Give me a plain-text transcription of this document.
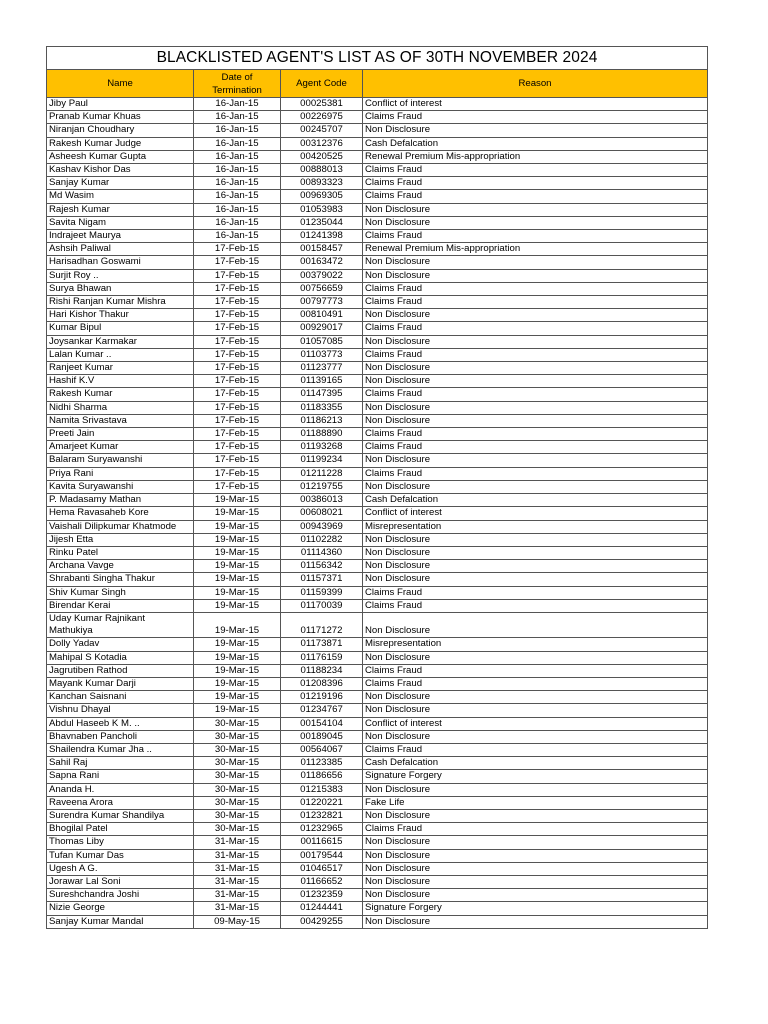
BLACKLISTED AGENT'S LIST AS OF 30TH NOVEMBER 2024			
Name	Date of Termination	Agent Code	Reason
Jiby Paul	16-Jan-15	00025381	Conflict of interest
Pranab Kumar Khuas	16-Jan-15	00226975	Claims Fraud
Niranjan Choudhary	16-Jan-15	00245707	Non Disclosure
Rakesh Kumar Judge	16-Jan-15	00312376	Cash Defalcation
Asheesh Kumar Gupta	16-Jan-15	00420525	Renewal Premium Mis-appropriation
Kashav Kishor Das	16-Jan-15	00888013	Claims Fraud
Sanjay Kumar	16-Jan-15	00893323	Claims Fraud
Md Wasim	16-Jan-15	00969305	Claims Fraud
Rajesh Kumar	16-Jan-15	01053983	Non Disclosure
Savita Nigam	16-Jan-15	01235044	Non Disclosure
Indrajeet Maurya	16-Jan-15	01241398	Claims Fraud
Ashsih Paliwal	17-Feb-15	00158457	Renewal Premium Mis-appropriation
Harisadhan Goswami	17-Feb-15	00163472	Non Disclosure
Surjit Roy ..	17-Feb-15	00379022	Non Disclosure
Surya Bhawan	17-Feb-15	00756659	Claims Fraud
Rishi Ranjan Kumar Mishra	17-Feb-15	00797773	Claims Fraud
Hari Kishor Thakur	17-Feb-15	00810491	Non Disclosure
Kumar Bipul	17-Feb-15	00929017	Claims Fraud
Joysankar Karmakar	17-Feb-15	01057085	Non Disclosure
Lalan Kumar ..	17-Feb-15	01103773	Claims Fraud
Ranjeet Kumar	17-Feb-15	01123777	Non Disclosure
Hashif K.V	17-Feb-15	01139165	Non Disclosure
Rakesh Kumar	17-Feb-15	01147395	Claims Fraud
Nidhi Sharma	17-Feb-15	01183355	Non Disclosure
Namita Srivastava	17-Feb-15	01186213	Non Disclosure
Preeti Jain	17-Feb-15	01188890	Claims Fraud
Amarjeet Kumar	17-Feb-15	01193268	Claims Fraud
Balaram Suryawanshi	17-Feb-15	01199234	Non Disclosure
Priya Rani	17-Feb-15	01211228	Claims Fraud
Kavita Suryawanshi	17-Feb-15	01219755	Non Disclosure
P. Madasamy Mathan	19-Mar-15	00386013	Cash Defalcation
Hema Ravasaheb Kore	19-Mar-15	00608021	Conflict of interest
Vaishali Dilipkumar Khatmode	19-Mar-15	00943969	Misrepresentation
Jijesh Etta	19-Mar-15	01102282	Non Disclosure
Rinku Patel	19-Mar-15	01114360	Non Disclosure
Archana Vavge	19-Mar-15	01156342	Non Disclosure
Shrabanti Singha Thakur	19-Mar-15	01157371	Non Disclosure
Shiv Kumar Singh	19-Mar-15	01159399	Claims Fraud
Birendar Kerai	19-Mar-15	01170039	Claims Fraud
Uday Kumar Rajnikant Mathukiya	19-Mar-15	01171272	Non Disclosure
Dolly Yadav	19-Mar-15	01173871	Misrepresentation
Mahipal S Kotadia	19-Mar-15	01176159	Non Disclosure
Jagrutiben Rathod	19-Mar-15	01188234	Claims Fraud
Mayank Kumar Darji	19-Mar-15	01208396	Claims Fraud
Kanchan Saisnani	19-Mar-15	01219196	Non Disclosure
Vishnu Dhayal	19-Mar-15	01234767	Non Disclosure
Abdul Haseeb K M. ..	30-Mar-15	00154104	Conflict of interest
Bhavnaben Pancholi	30-Mar-15	00189045	Non Disclosure
Shailendra Kumar Jha ..	30-Mar-15	00564067	Claims Fraud
Sahil Raj	30-Mar-15	01123385	Cash Defalcation
Sapna Rani	30-Mar-15	01186656	Signature Forgery
Ananda H.	30-Mar-15	01215383	Non Disclosure
Raveena Arora	30-Mar-15	01220221	Fake Life
Surendra Kumar Shandilya	30-Mar-15	01232821	Non Disclosure
Bhogilal Patel	30-Mar-15	01232965	Claims Fraud
Thomas Liby	31-Mar-15	00116615	Non Disclosure
Tufan Kumar Das	31-Mar-15	00179544	Non Disclosure
Ugesh A G.	31-Mar-15	01046517	Non Disclosure
Jorawar Lal Soni	31-Mar-15	01166652	Non Disclosure
Sureshchandra Joshi	31-Mar-15	01232359	Non Disclosure
Nizie George	31-Mar-15	01244441	Signature Forgery
Sanjay Kumar Mandal	09-May-15	00429255	Non Disclosure
